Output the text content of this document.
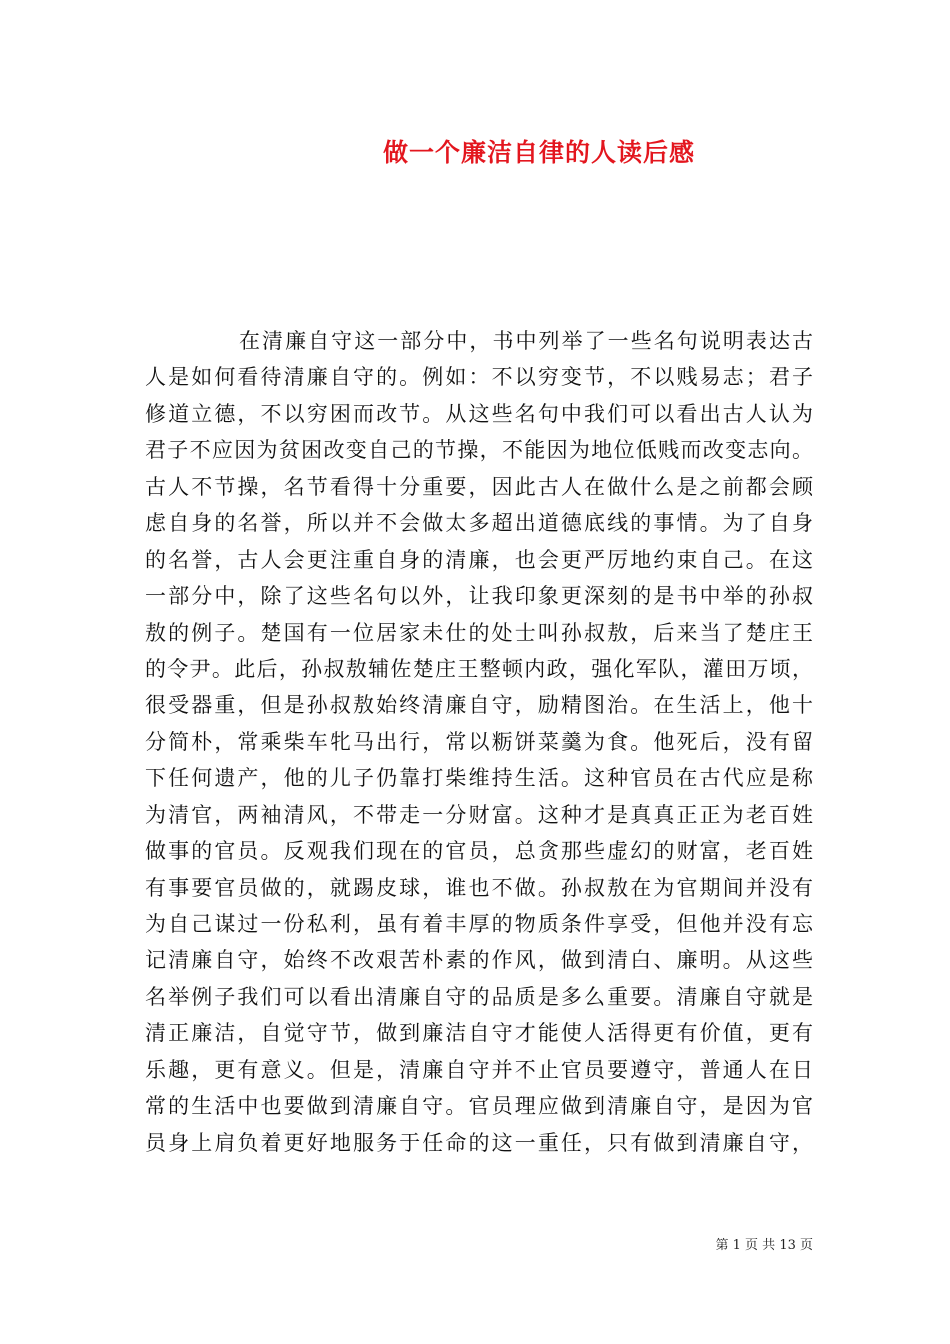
做一个廉洁自律的人读后感
在清廉自守这一部分中，书中列举了一些名句说明表达古
人是如何看待清廉自守的。例如：不以穷变节，不以贱易志；君子
修道立德，不以穷困而改节。从这些名句中我们可以看出古人认为
君子不应因为贫困改变自己的节操，不能因为地位低贱而改变志向。
古人不节操，名节看得十分重要，因此古人在做什么是之前都会顾
虑自身的名誉，所以并不会做太多超出道德底线的事情。为了自身
的名誉，古人会更注重自身的清廉，也会更严厉地约束自己。在这
一部分中，除了这些名句以外，让我印象更深刻的是书中举的孙叔
敖的例子。楚国有一位居家未仕的处士叫孙叔敖，后来当了楚庄王
的令尹。此后，孙叔敖辅佐楚庄王整顿内政，强化军队，灌田万顷，
很受器重，但是孙叔敖始终清廉自守，励精图治。在生活上，他十
分简朴，常乘柴车牝马出行，常以粝饼菜羹为食。他死后，没有留
下任何遗产，他的儿子仍靠打柴维持生活。这种官员在古代应是称
为清官，两袖清风，不带走一分财富。这种才是真真正正为老百姓
做事的官员。反观我们现在的官员，总贪那些虚幻的财富，老百姓
有事要官员做的，就踢皮球，谁也不做。孙叔敖在为官期间并没有
为自己谋过一份私利，虽有着丰厚的物质条件享受，但他并没有忘
记清廉自守，始终不改艰苦朴素的作风，做到清白、廉明。从这些
名举例子我们可以看出清廉自守的品质是多么重要。清廉自守就是
清正廉洁，自觉守节，做到廉洁自守才能使人活得更有价值，更有
乐趣，更有意义。但是，清廉自守并不止官员要遵守，普通人在日
常的生活中也要做到清廉自守。官员理应做到清廉自守，是因为官
员身上肩负着更好地服务于任命的这一重任，只有做到清廉自守，
第 1 页 共 13 页
